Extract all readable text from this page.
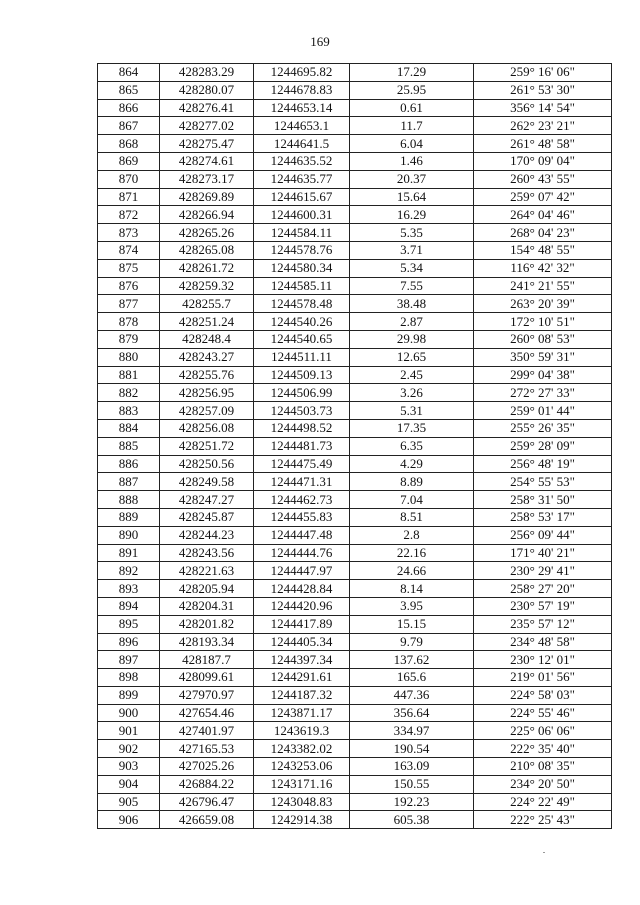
169
864	428283.29	1244695.82	17.29	259° 16' 06"
865	428280.07	1244678.83	25.95	261° 53' 30"
866	428276.41	1244653.14	0.61	356° 14' 54"
867	428277.02	1244653.1	11.7	262° 23' 21"
868	428275.47	1244641.5	6.04	261° 48' 58"
869	428274.61	1244635.52	1.46	170° 09' 04"
870	428273.17	1244635.77	20.37	260° 43' 55"
871	428269.89	1244615.67	15.64	259° 07' 42"
872	428266.94	1244600.31	16.29	264° 04' 46"
873	428265.26	1244584.11	5.35	268° 04' 23"
874	428265.08	1244578.76	3.71	154° 48' 55"
875	428261.72	1244580.34	5.34	116° 42' 32"
876	428259.32	1244585.11	7.55	241° 21' 55"
877	428255.7	1244578.48	38.48	263° 20' 39"
878	428251.24	1244540.26	2.87	172° 10' 51"
879	428248.4	1244540.65	29.98	260° 08' 53"
880	428243.27	1244511.11	12.65	350° 59' 31"
881	428255.76	1244509.13	2.45	299° 04' 38"
882	428256.95	1244506.99	3.26	272° 27' 33"
883	428257.09	1244503.73	5.31	259° 01' 44"
884	428256.08	1244498.52	17.35	255° 26' 35"
885	428251.72	1244481.73	6.35	259° 28' 09"
886	428250.56	1244475.49	4.29	256° 48' 19"
887	428249.58	1244471.31	8.89	254° 55' 53"
888	428247.27	1244462.73	7.04	258° 31' 50"
889	428245.87	1244455.83	8.51	258° 53' 17"
890	428244.23	1244447.48	2.8	256° 09' 44"
891	428243.56	1244444.76	22.16	171° 40' 21"
892	428221.63	1244447.97	24.66	230° 29' 41"
893	428205.94	1244428.84	8.14	258° 27' 20"
894	428204.31	1244420.96	3.95	230° 57' 19"
895	428201.82	1244417.89	15.15	235° 57' 12"
896	428193.34	1244405.34	9.79	234° 48' 58"
897	428187.7	1244397.34	137.62	230° 12' 01"
898	428099.61	1244291.61	165.6	219° 01' 56"
899	427970.97	1244187.32	447.36	224° 58' 03"
900	427654.46	1243871.17	356.64	224° 55' 46"
901	427401.97	1243619.3	334.97	225° 06' 06"
902	427165.53	1243382.02	190.54	222° 35' 40"
903	427025.26	1243253.06	163.09	210° 08' 35"
904	426884.22	1243171.16	150.55	234° 20' 50"
905	426796.47	1243048.83	192.23	224° 22' 49"
906	426659.08	1242914.38	605.38	222° 25' 43"
